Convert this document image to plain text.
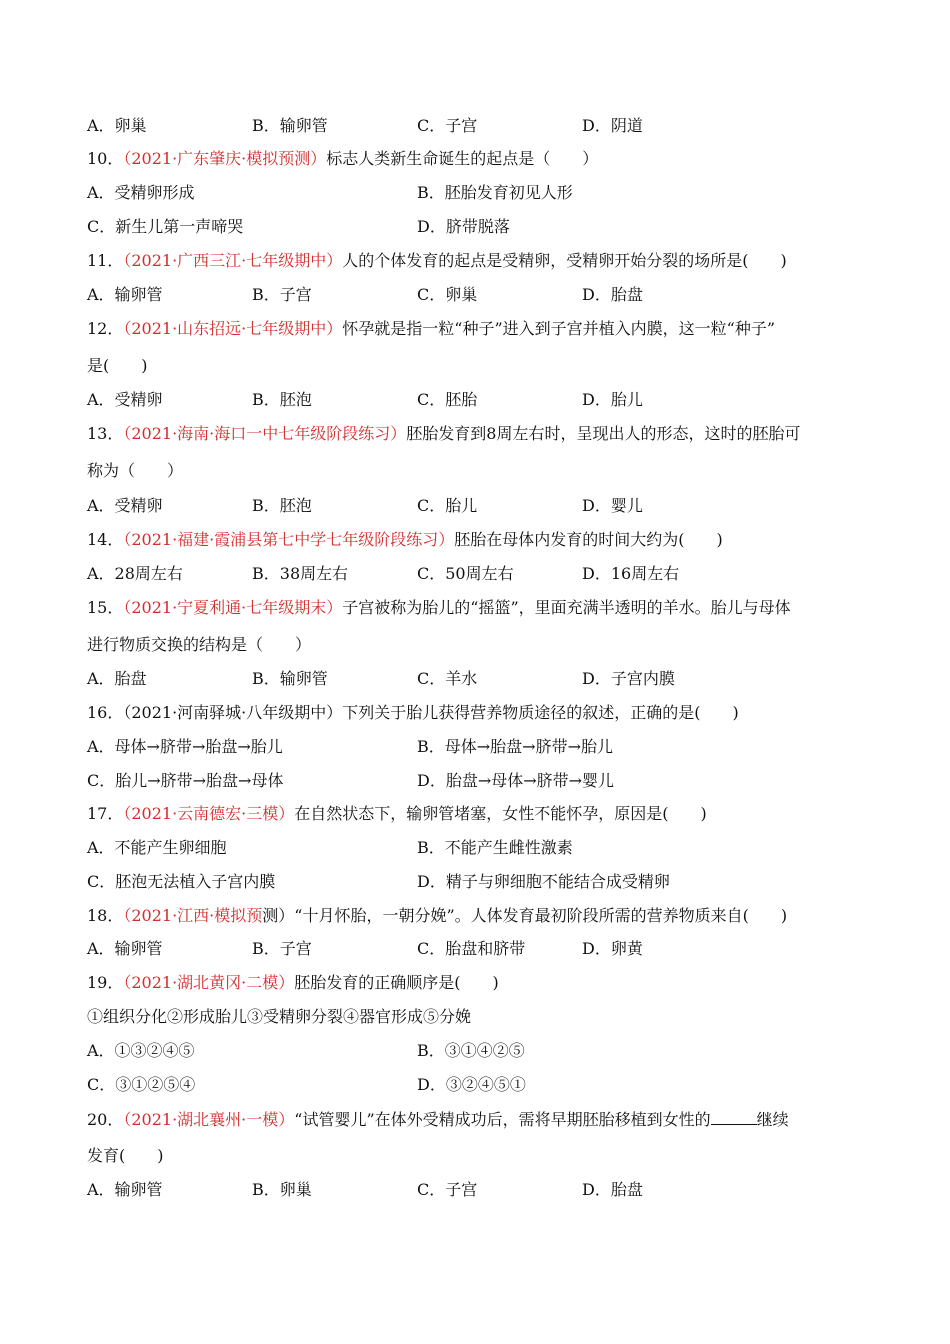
A．卵巢	B．输卵管	C．子宫	D．阴道
10．（2021·广东肇庆·模拟预测）标志人类新生命诞生的起点是（　　）
A．受精卵形成	B．胚胎发育初见人形
C．新生儿第一声啼哭	D．脐带脱落
11．（2021·广西三江·七年级期中）人的个体发育的起点是受精卵，受精卵开始分裂的场所是(　　)
A．输卵管	B．子宫	C．卵巢	D．胎盘
12．（2021·山东招远·七年级期中）怀孕就是指一粒“种子”进入到子宫并植入内膜，这一粒“种子”
是(　　)
A．受精卵	B．胚泡	C．胚胎	D．胎儿
13．（2021·海南·海口一中七年级阶段练习）胚胎发育到8周左右时，呈现出人的形态，这时的胚胎可
称为（　　）
A．受精卵	B．胚泡	C．胎儿	D．婴儿
14．（2021·福建·霞浦县第七中学七年级阶段练习）胚胎在母体内发育的时间大约为(　　)
A．28周左右	B．38周左右	C．50周左右	D．16周左右
15．（2021·宁夏利通·七年级期末）子宫被称为胎儿的“摇篮”，里面充满半透明的羊水。胎儿与母体
进行物质交换的结构是（　　）
A．胎盘	B．输卵管	C．羊水	D．子宫内膜
16．（2021·河南驿城·八年级期中）下列关于胎儿获得营养物质途径的叙述，正确的是(　　)
A．母体→脐带→胎盘→胎儿	B．母体→胎盘→脐带→胎儿
C．胎儿→脐带→胎盘→母体	D．胎盘→母体→脐带→婴儿
17．（2021·云南德宏·三模）在自然状态下，输卵管堵塞，女性不能怀孕，原因是(　　)
A．不能产生卵细胞	B．不能产生雌性激素
C．胚泡无法植入子宫内膜	D．精子与卵细胞不能结合成受精卵
18．（2021·江西·模拟预测）“十月怀胎，一朝分娩”。人体发育最初阶段所需的营养物质来自(　　)
A．输卵管	B．子宫	C．胎盘和脐带	D．卵黄
19．（2021·湖北黄冈·二模）胚胎发育的正确顺序是(　　)
①组织分化②形成胎儿③受精卵分裂④器官形成⑤分娩
A．①③②④⑤	B．③①④②⑤
C．③①②⑤④	D．③②④⑤①
20．（2021·湖北襄州·一模）“试管婴儿”在体外受精成功后，需将早期胚胎移植到女性的	继续
发育(　　)
A．输卵管	B．卵巢	C．子宫	D．胎盘
